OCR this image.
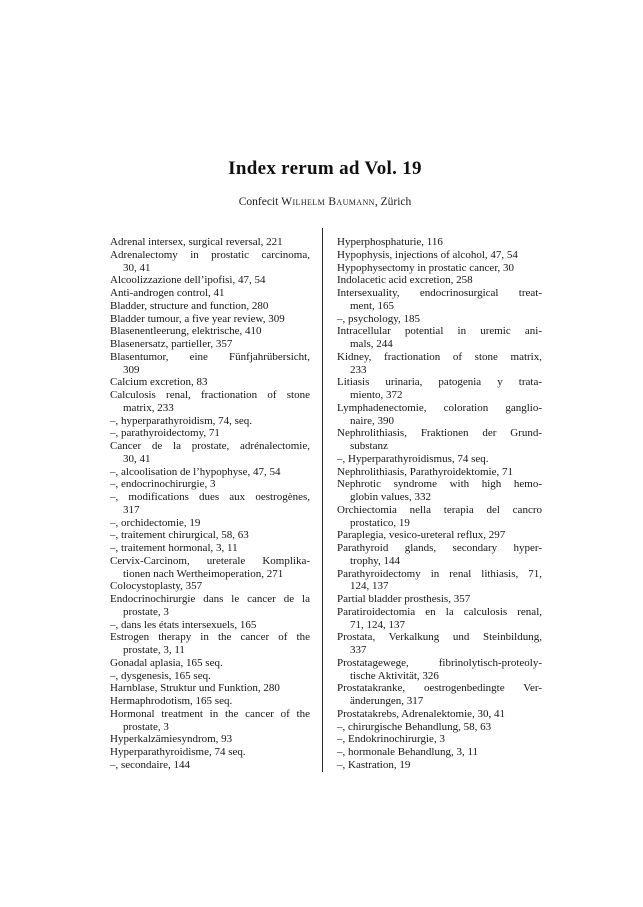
Index rerum ad Vol. 19
Confecit Wilhelm Baumann, Zürich
Adrenal intersex, surgical reversal, 221
Adrenalectomy in prostatic carcinoma,
30, 41
Alcoolizzazione dell’ipofisi, 47, 54
Anti-androgen control, 41
Bladder, structure and function, 280
Bladder tumour, a five year review, 309
Blasenentleerung, elektrische, 410
Blasenersatz, partieller, 357
Blasentumor, eine Fünfjahrübersicht,
309
Calcium excretion, 83
Calculosis renal, fractionation of stone
matrix, 233
–, hyperparathyroidism, 74, seq.
–, parathyroidectomy, 71
Cancer de la prostate, adrénalectomie,
30, 41
–, alcoolisation de l’hypophyse, 47, 54
–, endocrinochirurgie, 3
–, modifications dues aux oestrogènes,
317
–, orchidectomie, 19
–, traitement chirurgical, 58, 63
–, traitement hormonal, 3, 11
Cervix-Carcinom, ureterale Komplika-
tionen nach Wertheimoperation, 271
Colocystoplasty, 357
Endocrinochirurgie dans le cancer de la
prostate, 3
–, dans les états intersexuels, 165
Estrogen therapy in the cancer of the
prostate, 3, 11
Gonadal aplasia, 165 seq.
–, dysgenesis, 165 seq.
Harnblase, Struktur und Funktion, 280
Hermaphrodotism, 165 seq.
Hormonal treatment in the cancer of the
prostate, 3
Hyperkalzämiesyndrom, 93
Hyperparathyroidisme, 74 seq.
–, secondaire, 144
Hyperphosphaturie, 116
Hypophysis, injections of alcohol, 47, 54
Hypophysectomy in prostatic cancer, 30
Indolacetic acid excretion, 258
Intersexuality, endocrinosurgical treat-
ment, 165
–, psychology, 185
Intracellular potential in uremic ani-
mals, 244
Kidney, fractionation of stone matrix,
233
Litiasis urinaria, patogenia y trata-
miento, 372
Lymphadenectomie, coloration ganglio-
naire, 390
Nephrolithiasis, Fraktionen der Grund-
substanz
–, Hyperparathyroidismus, 74 seq.
Nephrolithiasis, Parathyroidektomie, 71
Nephrotic syndrome with high hemo-
globin values, 332
Orchiectomia nella terapia del cancro
prostatico, 19
Paraplegia, vesico-ureteral reflux, 297
Parathyroid glands, secondary hyper-
trophy, 144
Parathyroidectomy in renal lithiasis, 71,
124, 137
Partial bladder prosthesis, 357
Paratiroidectomia en la calculosis renal,
71, 124, 137
Prostata, Verkalkung und Steinbildung,
337
Prostatagewege, fibrinolytisch-proteoly-
tische Aktivität, 326
Prostatakranke, oestrogenbedingte Ver-
änderungen, 317
Prostatakrebs, Adrenalektomie, 30, 41
–, chirurgische Behandlung, 58, 63
–, Endokrinochirurgie, 3
–, hormonale Behandlung, 3, 11
–, Kastration, 19
